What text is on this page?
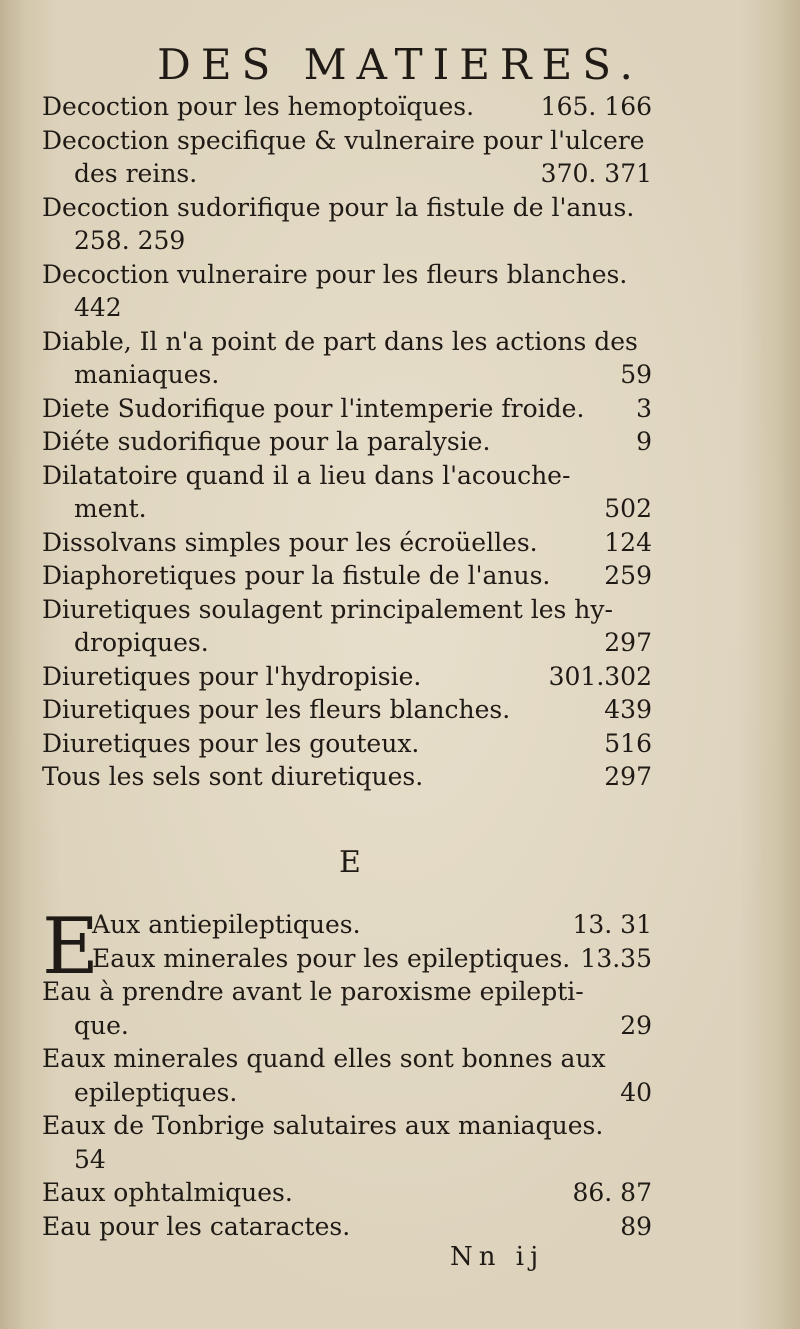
DES MATIERES.
Decoction pour les hemoptoïques.	165. 166
Decoction specifique & vulneraire pour l'ulcere
des reins.	370. 371
Decoction sudorifique pour la fistule de l'anus.
258. 259
Decoction vulneraire pour les fleurs blanches.
442
Diable, Il n'a point de part dans les actions des
maniaques.	59
Diete Sudorifique pour l'intemperie froide. 3
Diéte sudorifique pour la paralysie.	9
Dilatatoire quand il a lieu dans l'acouche-
ment.	502
Dissolvans simples pour les écroüelles.	124
Diaphoretiques pour la fistule de l'anus. 259
Diuretiques soulagent principalement les hy-
dropiques.	297
Diuretiques pour l'hydropisie.	301.302
Diuretiques pour les fleurs blanches.	439
Diuretiques pour les gouteux.	516
Tous les sels sont diuretiques.	297
E
E
Aux antiepileptiques.	13. 31
Eaux minerales pour les epileptiques. 13.35
Eau à prendre avant le paroxisme epilepti-
que.	29
Eaux minerales quand elles sont bonnes aux
epileptiques.	40
Eaux de Tonbrige salutaires aux maniaques.
54
Eaux ophtalmiques.	86. 87
Eau pour les cataractes.	89
Nn ij
